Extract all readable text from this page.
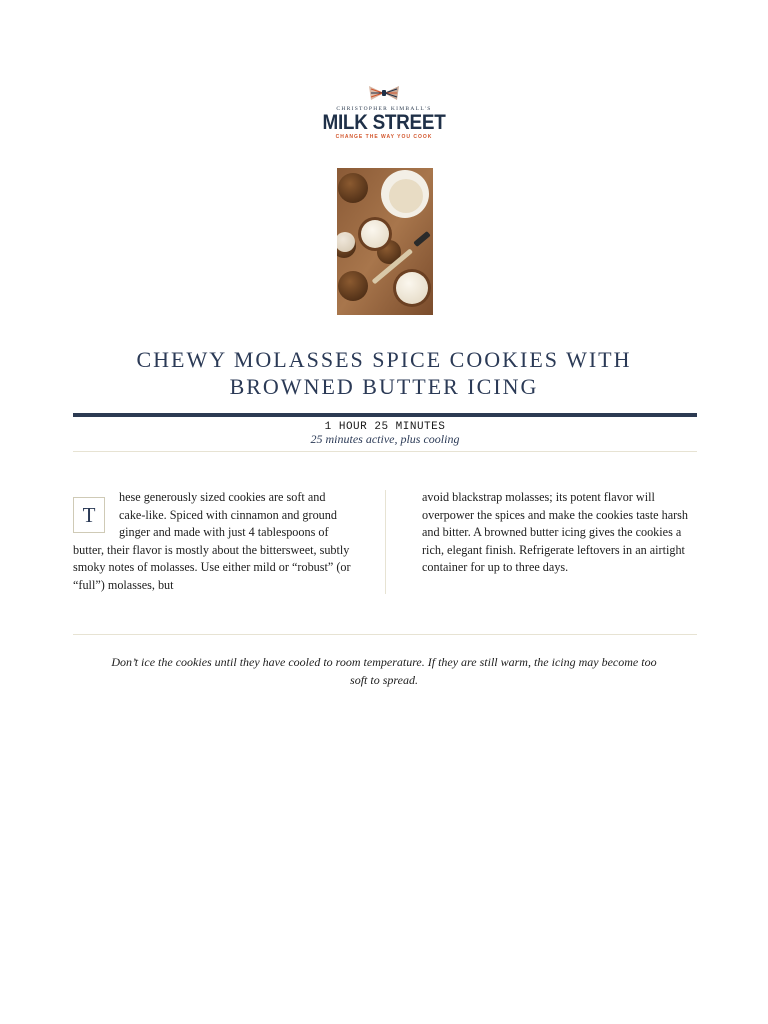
CHRISTOPHER KIMBALL'S
MILK STREET
CHANGE THE WAY YOU COOK
CHEWY MOLASSES SPICE COOKIES WITH BROWNED BUTTER ICING
1 HOUR 25 MINUTES
25 minutes active, plus cooling

T
hese generously sized cookies are soft and cake-like. Spiced with cinnamon and ground ginger and made with just 4 tablespoons of butter, their flavor is mostly about the bittersweet, subtly smoky notes of molasses. Use either mild or “robust” (or “full”) molasses, but

avoid blackstrap molasses; its potent flavor will overpower the spices and make the cookies taste harsh and bitter. A browned butter icing gives the cookies a rich, elegant finish. Refrigerate leftovers in an airtight container for up to three days.

Don’t ice the cookies until they have cooled to room temperature. If they are still warm, the icing may become too soft to spread.
